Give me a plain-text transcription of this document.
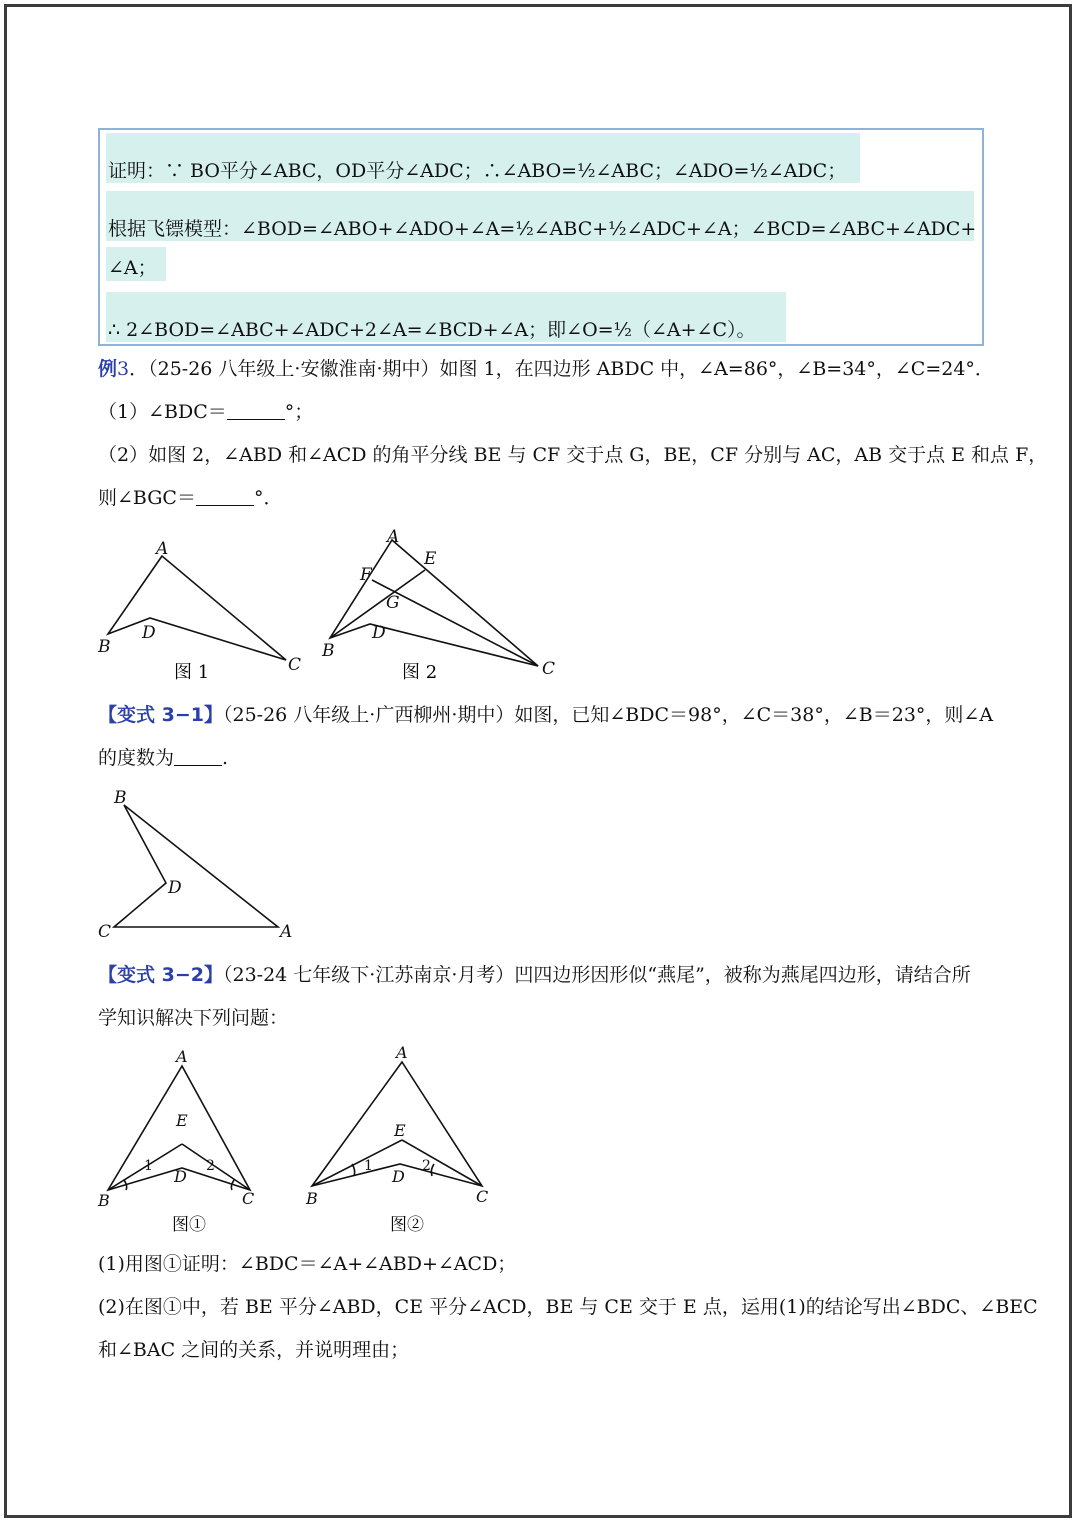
证明：∵ BO平分∠ABC，OD平分∠ADC；∴∠ABO=½∠ABC；∠ADO=½∠ADC；
根据飞镖模型：∠BOD=∠ABO+∠ADO+∠A=½∠ABC+½∠ADC+∠A；∠BCD=∠ABC+∠ADC+
∠A；
∴ 2∠BOD=∠ABC+∠ADC+2∠A=∠BCD+∠A；即∠O=½（∠A+∠C）。
例3．（25-26 八年级上·安徽淮南·期中）如图 1，在四边形 ABDC 中，∠A=86°，∠B=34°，∠C=24°．
（1）∠BDC＝	°；
（2）如图 2，∠ABD 和∠ACD 的角平分线 BE 与 CF 交于点 G，BE，CF 分别与 AC，AB 交于点 E 和点 F，
则∠BGC＝	°．
A
B
D
C
A
E
F
G
D
B
C
图 1	图 2
【变式 3−1】（25-26 八年级上·广西柳州·期中）如图，已知∠BDC＝98°，∠C＝38°，∠B＝23°，则∠A
的度数为	.
B
D
C	A
【变式 3−2】（23-24 七年级下·江苏南京·月考）凹四边形因形似“燕尾”，被称为燕尾四边形，请结合所
学知识解决下列问题：
A
E
D
B	C
A
E
D
B	C
1	2	1	2
图①	图②
(1)用图①证明：∠BDC＝∠A+∠ABD+∠ACD；
(2)在图①中，若 BE 平分∠ABD，CE 平分∠ACD，BE 与 CE 交于 E 点，运用(1)的结论写出∠BDC、∠BEC
和∠BAC 之间的关系，并说明理由；
